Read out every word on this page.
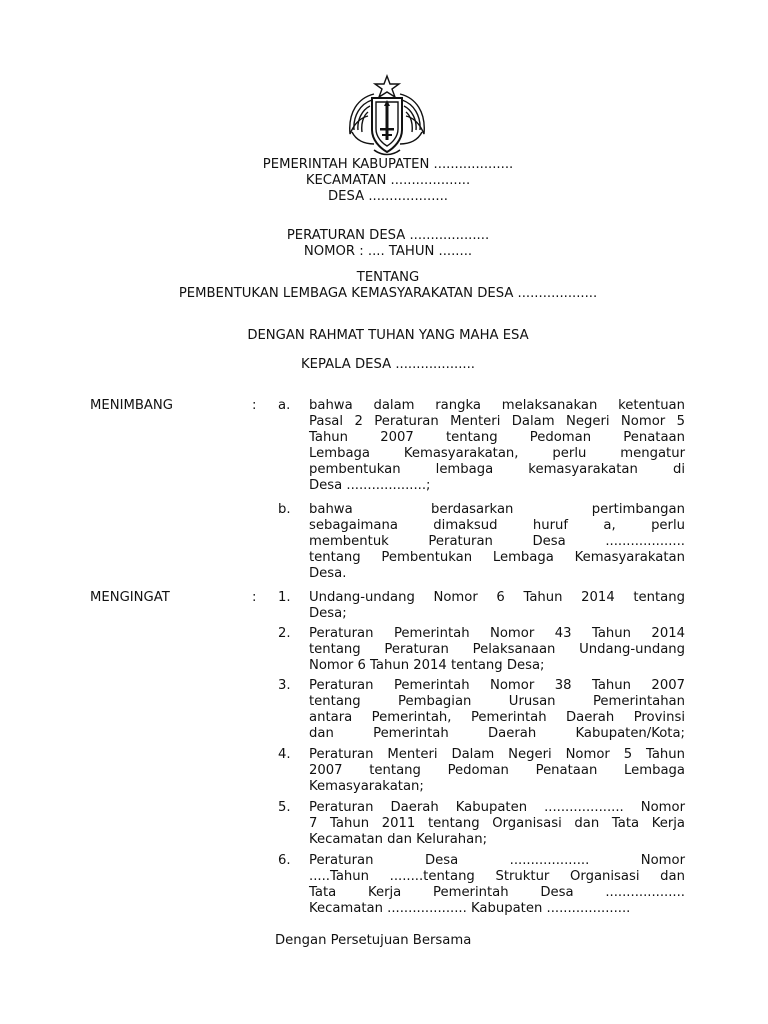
PEMERINTAH KABUPATEN ...................
KECAMATAN ...................
DESA ...................
PERATURAN DESA ...................
NOMOR : .... TAHUN ........
TENTANG
PEMBENTUKAN LEMBAGA KEMASYARAKATAN DESA ...................
DENGAN RAHMAT TUHAN YANG MAHA ESA
KEPALA DESA ...................
MENIMBANG	: a. bahwa dalam rangka melaksanakan ketentuan
Pasal 2 Peraturan Menteri Dalam Negeri Nomor 5
Tahun 2007 tentang Pedoman Penataan
Lembaga Kemasyarakatan, perlu mengatur
pembentukan lembaga kemasyarakatan di
Desa ...................;
b. bahwa berdasarkan pertimbangan
sebagaimana dimaksud huruf a, perlu
membentuk Peraturan Desa ...................
tentang Pembentukan Lembaga Kemasyarakatan
Desa.
MENGINGAT	: 1. Undang-undang Nomor 6 Tahun 2014 tentang
Desa;
2. Peraturan Pemerintah Nomor 43 Tahun 2014
tentang Peraturan Pelaksanaan Undang-undang
Nomor 6 Tahun 2014 tentang Desa;
3. Peraturan Pemerintah Nomor 38 Tahun 2007
tentang Pembagian Urusan Pemerintahan
antara Pemerintah, Pemerintah Daerah Provinsi
dan Pemerintah Daerah Kabupaten/Kota;
4. Peraturan Menteri Dalam Negeri Nomor 5 Tahun
2007 tentang Pedoman Penataan Lembaga
Kemasyarakatan;
5. Peraturan Daerah Kabupaten ................... Nomor
7 Tahun 2011 tentang Organisasi dan Tata Kerja
Kecamatan dan Kelurahan;
6. Peraturan Desa ................... Nomor
.....Tahun ........tentang Struktur Organisasi dan
Tata Kerja Pemerintah Desa ...................
Kecamatan ................... Kabupaten ....................
Dengan Persetujuan Bersama
